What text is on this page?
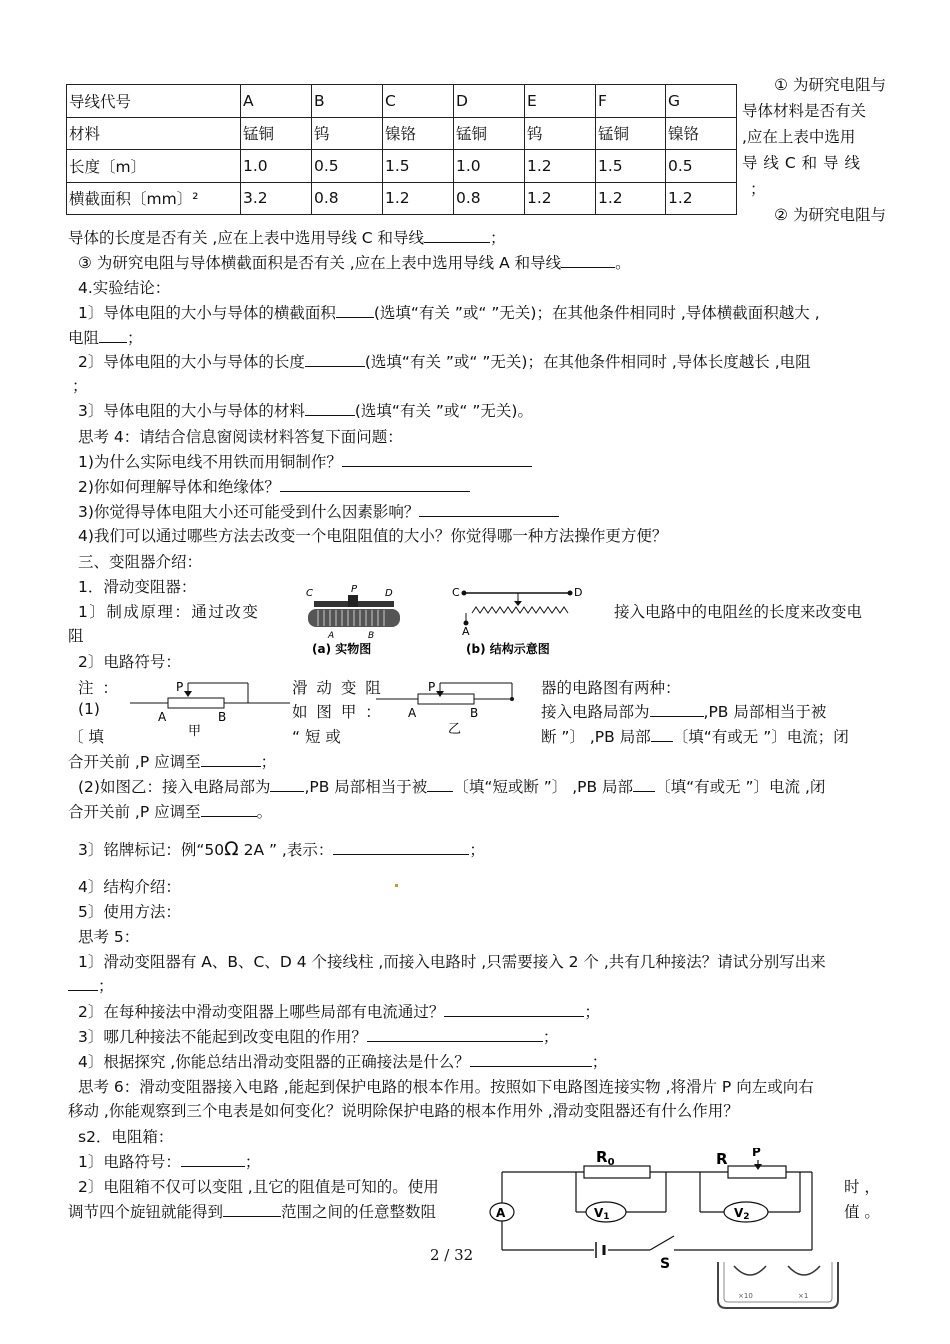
导线代号	A	B	C	D	E	F	G
材料	锰铜	钨	镍铬	锰铜	钨	锰铜	镍铬
长度〔m〕	1.0	0.5	1.5	1.0	1.2	1.5	0.5
横截面积〔mm〕²	3.2	0.8	1.2	0.8	1.2	1.2	1.2
① 为研究电阻与
导体材料是否有关
,应在上表中选用
导 线 C 和 导 线
；
② 为研究电阻与
导体的长度是否有关 ,应在上表中选用导线 C 和导线	；
③ 为研究电阻与导体横截面积是否有关 ,应在上表中选用导线 A 和导线	。
4.实验结论：
1〕导体电阻的大小与导体的横截面积 (选填“有关 ”或“ ”无关)；在其他条件相同时 ,导体横截面积越大 ,
电阻 ；
2〕导体电阻的大小与导体的长度	(选填“有关 ”或“ ”无关)；在其他条件相同时 ,导体长度越长 ,电阻
；
3〕导体电阻的大小与导体的材料	(选填“有关 ”或“ ”无关)。
思考 4：请结合信息窗阅读材料答复下面问题：
1)为什么实际电线不用铁而用铜制作？
2)你如何理解导体和绝缘体？
3)你觉得导体电阻大小还可能受到什么因素影响？
4)我们可以通过哪些方法去改变一个电阻阻值的大小？你觉得哪一种方法操作更方便？
三、变阻器介绍：
1．滑动变阻器：
1〕制成原理：通过改变	接入电路中的电阻丝的长度来改变电
阻
C	P	D
A	B
(a) 实物图
C	D
A
(b) 结构示意图
2〕电路符号：
P
A	B
甲
P
A	B
乙
注 ：	滑 动 变 阻	器的电路图有两种：
(1)	如 图 甲 ：	接入电路局部为	,PB 局部相当于被
〔 填	“ 短 或	断 ”〕 ,PB 局部 〔填“有或无 ”〕电流；闭
合开关前 ,P 应调至	；
(2)如图乙：接入电路局部为 ,PB 局部相当于被 〔填“短或断 ”〕 ,PB 局部 〔填“有或无 ”〕电流 ,闭
合开关前 ,P 应调至	。
3〕铭牌标记：例“50Ω 2A ” ,表示：	；
4〕结构介绍：
5〕使用方法：
思考 5：
1〕滑动变阻器有 A、B、C、D 4 个接线柱 ,而接入电路时 ,只需要接入 2 个 ,共有几种接法？请试分别写出来
；
2〕在每种接法中滑动变阻器上哪些局部有电流通过？	；
3〕哪几种接法不能起到改变电阻的作用？	；
4〕根据探究 ,你能总结出滑动变阻器的正确接法是什么？	；
思考 6：滑动变阻器接入电路 ,能起到保护电路的根本作用。按照如下电路图连接实物 ,将滑片 P 向左或向右
移动 ,你能观察到三个电表是如何变化？说明除保护电路的根本作用外 ,滑动变阻器还有什么作用？
s2．电阻箱：
1〕电路符号：	；
2〕电阻箱不仅可以变阻 ,且它的阻值是可知的。使用
调节四个旋钮就能得到	范围之间的任意整数阻
时 ，
值 。
$R_0$	R P
A	V1	V2
S
×10	×1
2 / 32
